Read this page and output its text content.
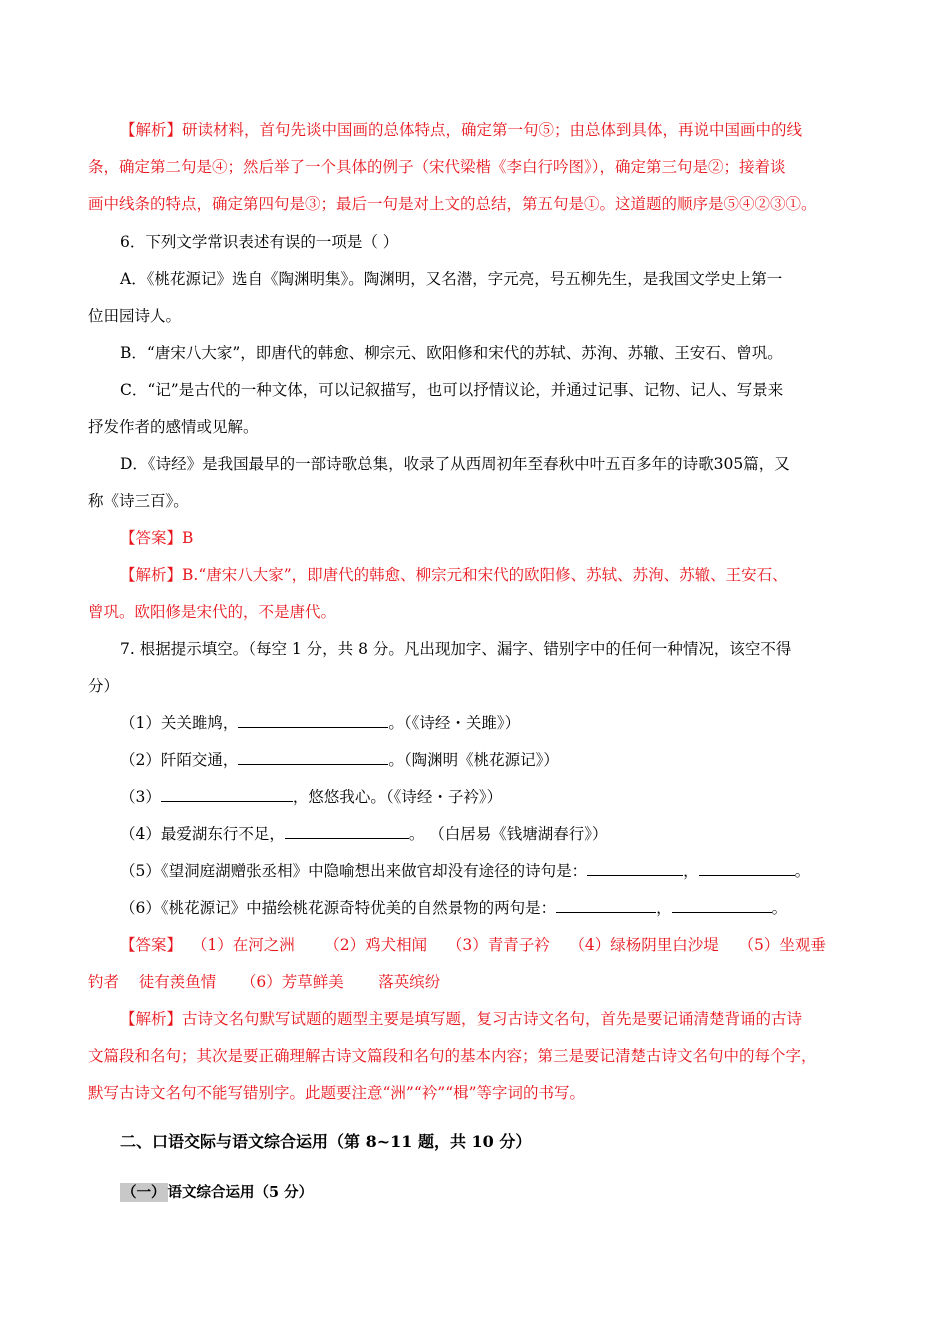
【解析】研读材料，首句先谈中国画的总体特点，确定第一句⑤；由总体到具体，再说中国画中的线
条，确定第二句是④；然后举了一个具体的例子（宋代梁楷《李白行吟图》），确定第三句是②；接着谈
画中线条的特点，确定第四句是③；最后一句是对上文的总结，第五句是①。这道题的顺序是⑤④②③①。
6．下列文学常识表述有误的一项是（ ）
A．《桃花源记》选自《陶渊明集》。陶渊明，又名潜，字元亮，号五柳先生，是我国文学史上第一
位田园诗人。
B．“唐宋八大家”，即唐代的韩愈、柳宗元、欧阳修和宋代的苏轼、苏洵、苏辙、王安石、曾巩。
C．“记”是古代的一种文体，可以记叙描写，也可以抒情议论，并通过记事、记物、记人、写景来
抒发作者的感情或见解。
D．《诗经》是我国最早的一部诗歌总集，收录了从西周初年至春秋中叶五百多年的诗歌305篇，又
称《诗三百》。
【答案】B
【解析】B.“唐宋八大家”，即唐代的韩愈、柳宗元和宋代的欧阳修、苏轼、苏洵、苏辙、王安石、
曾巩。欧阳修是宋代的，不是唐代。
7. 根据提示填空。（每空 1 分，共 8 分。凡出现加字、漏字、错别字中的任何一种情况，该空不得
分）
（1）关关雎鸠，	。（《诗经・关雎》）
（2）阡陌交通，	。（陶渊明《桃花源记》）
（3）	，悠悠我心。（《诗经・子衿》）
（4）最爱湖东行不足，	。 （白居易《钱塘湖春行》）
（5）《望洞庭湖赠张丞相》中隐喻想出来做官却没有途径的诗句是：	，	。
（6）《桃花源记》中描绘桃花源奇特优美的自然景物的两句是：	，	。
【答案】  （1）在河之洲      （2）鸡犬相闻    （3）青青子衿    （4）绿杨阴里白沙堤    （5）坐观垂
钓者    徒有羡鱼情     （6）芳草鲜美       落英缤纷
【解析】古诗文名句默写试题的题型主要是填写题，复习古诗文名句，首先是要记诵清楚背诵的古诗
文篇段和名句；其次是要正确理解古诗文篇段和名句的基本内容；第三是要记清楚古诗文名句中的每个字，
默写古诗文名句不能写错别字。此题要注意“洲”“衿”“楫”等字词的书写。
二、口语交际与语文综合运用（第 8~11 题，共 10 分）
（一） 语文综合运用（5 分）
